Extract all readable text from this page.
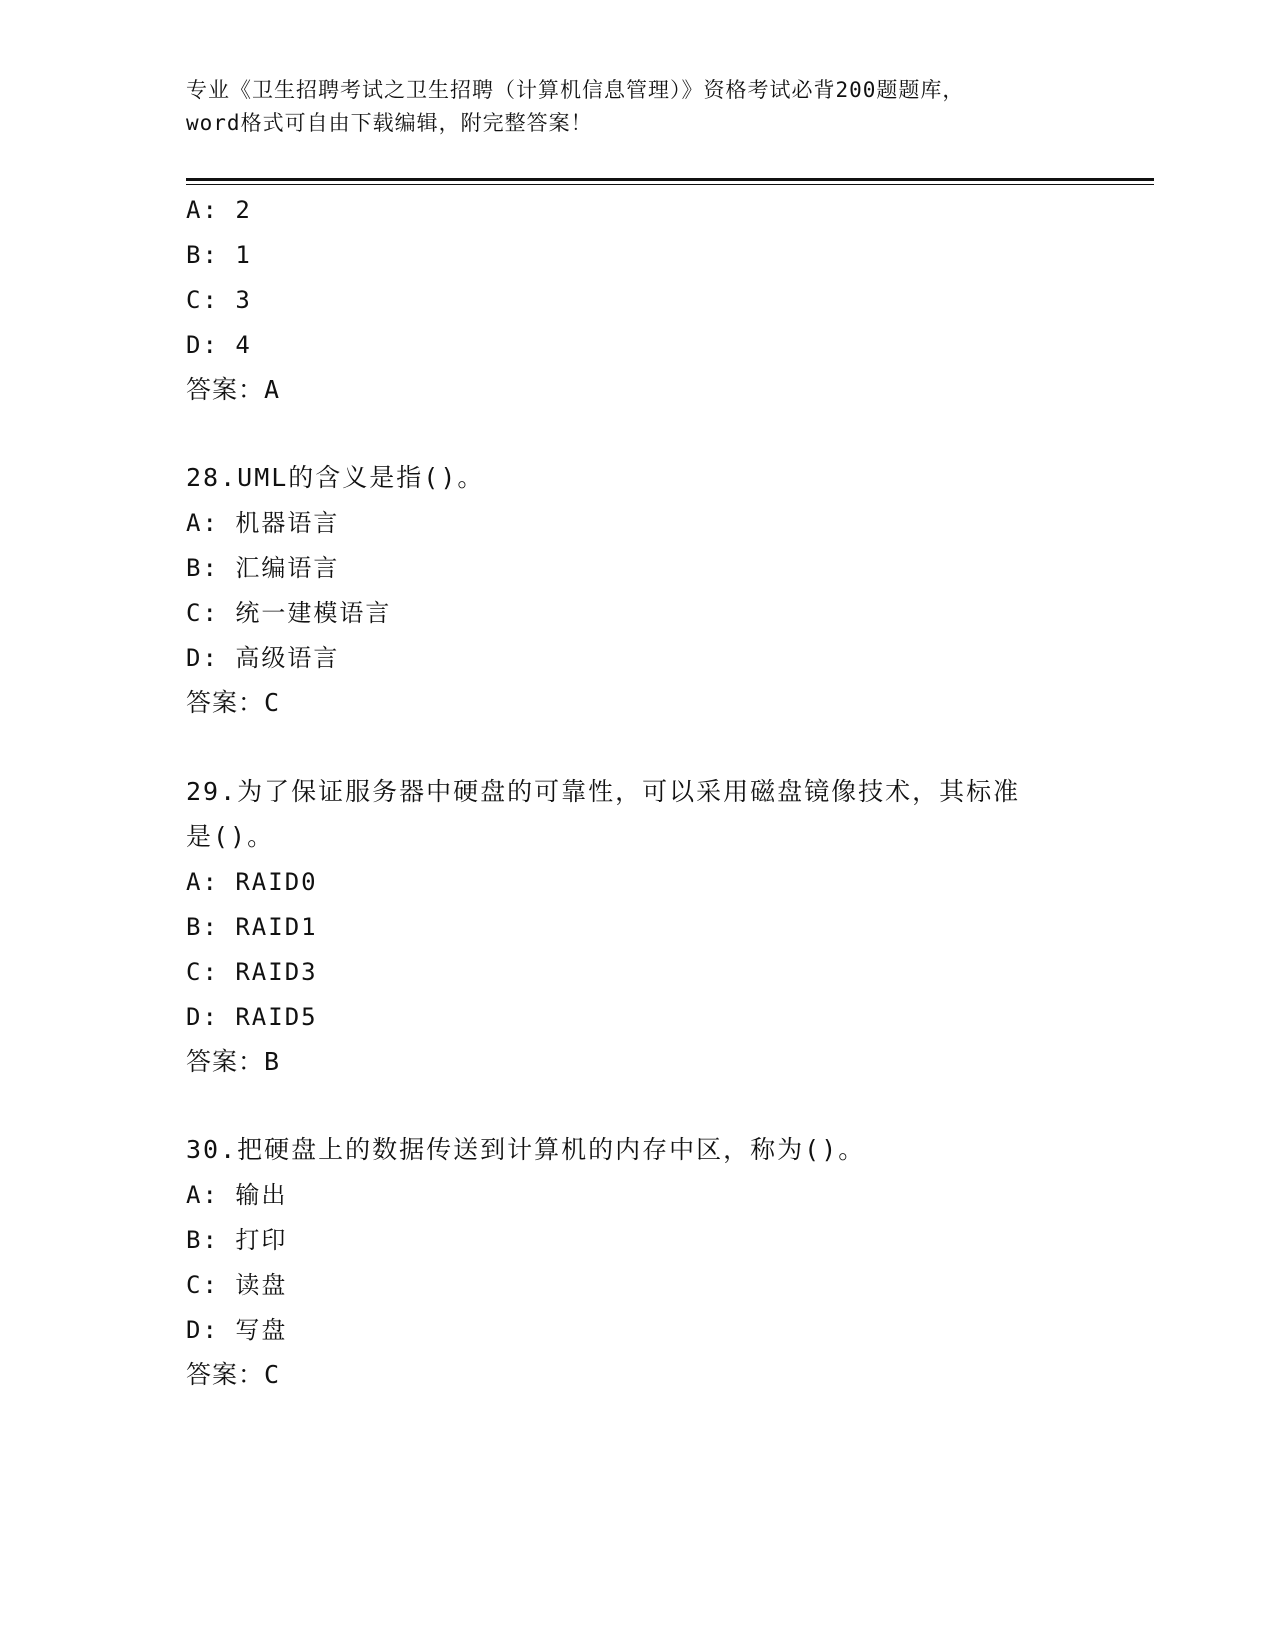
专业《卫生招聘考试之卫生招聘（计算机信息管理）》资格考试必背200题题库，
word格式可自由下载编辑，附完整答案！
A: 2
B: 1
C: 3
D: 4
答案：A
28.UML的含义是指()。
A: 机器语言
B: 汇编语言
C: 统一建模语言
D: 高级语言
答案：C
29.为了保证服务器中硬盘的可靠性，可以采用磁盘镜像技术，其标准
是()。
A: RAID0
B: RAID1
C: RAID3
D: RAID5
答案：B
30.把硬盘上的数据传送到计算机的内存中区，称为()。
A: 输出
B: 打印
C: 读盘
D: 写盘
答案：C
